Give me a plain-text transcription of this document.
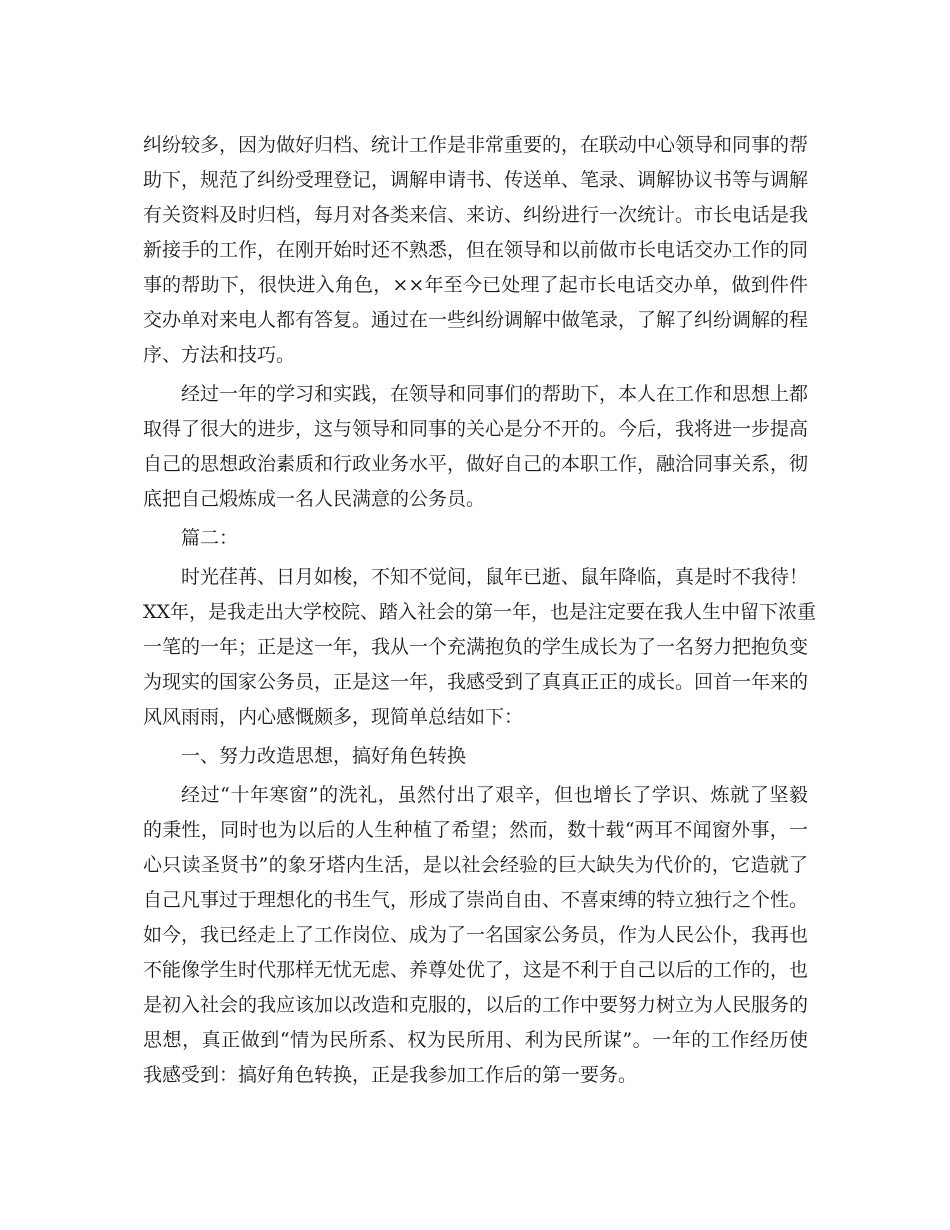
纠纷较多，因为做好归档、统计工作是非常重要的，在联动中心领导和同事的帮
助下，规范了纠纷受理登记，调解申请书、传送单、笔录、调解协议书等与调解
有关资料及时归档，每月对各类来信、来访、纠纷进行一次统计。市长电话是我
新接手的工作，在刚开始时还不熟悉，但在领导和以前做市长电话交办工作的同
事的帮助下，很快进入角色，××年至今已处理了起市长电话交办单，做到件件
交办单对来电人都有答复。通过在一些纠纷调解中做笔录，了解了纠纷调解的程
序、方法和技巧。
经过一年的学习和实践，在领导和同事们的帮助下，本人在工作和思想上都
取得了很大的进步，这与领导和同事的关心是分不开的。今后，我将进一步提高
自己的思想政治素质和行政业务水平，做好自己的本职工作，融洽同事关系，彻
底把自己煅炼成一名人民满意的公务员。
篇二：
时光荏苒、日月如梭，不知不觉间，鼠年已逝、鼠年降临，真是时不我待！
XX年，是我走出大学校院、踏入社会的第一年，也是注定要在我人生中留下浓重
一笔的一年；正是这一年，我从一个充满抱负的学生成长为了一名努力把抱负变
为现实的国家公务员，正是这一年，我感受到了真真正正的成长。回首一年来的
风风雨雨，内心感慨颇多，现简单总结如下：
一、努力改造思想，搞好角色转换
经过“十年寒窗”的洗礼，虽然付出了艰辛，但也增长了学识、炼就了坚毅
的秉性，同时也为以后的人生种植了希望；然而，数十载“两耳不闻窗外事，一
心只读圣贤书”的象牙塔内生活，是以社会经验的巨大缺失为代价的，它造就了
自己凡事过于理想化的书生气，形成了崇尚自由、不喜束缚的特立独行之个性。
如今，我已经走上了工作岗位、成为了一名国家公务员，作为人民公仆，我再也
不能像学生时代那样无忧无虑、养尊处优了，这是不利于自己以后的工作的，也
是初入社会的我应该加以改造和克服的，以后的工作中要努力树立为人民服务的
思想，真正做到“情为民所系、权为民所用、利为民所谋”。一年的工作经历使
我感受到：搞好角色转换，正是我参加工作后的第一要务。
